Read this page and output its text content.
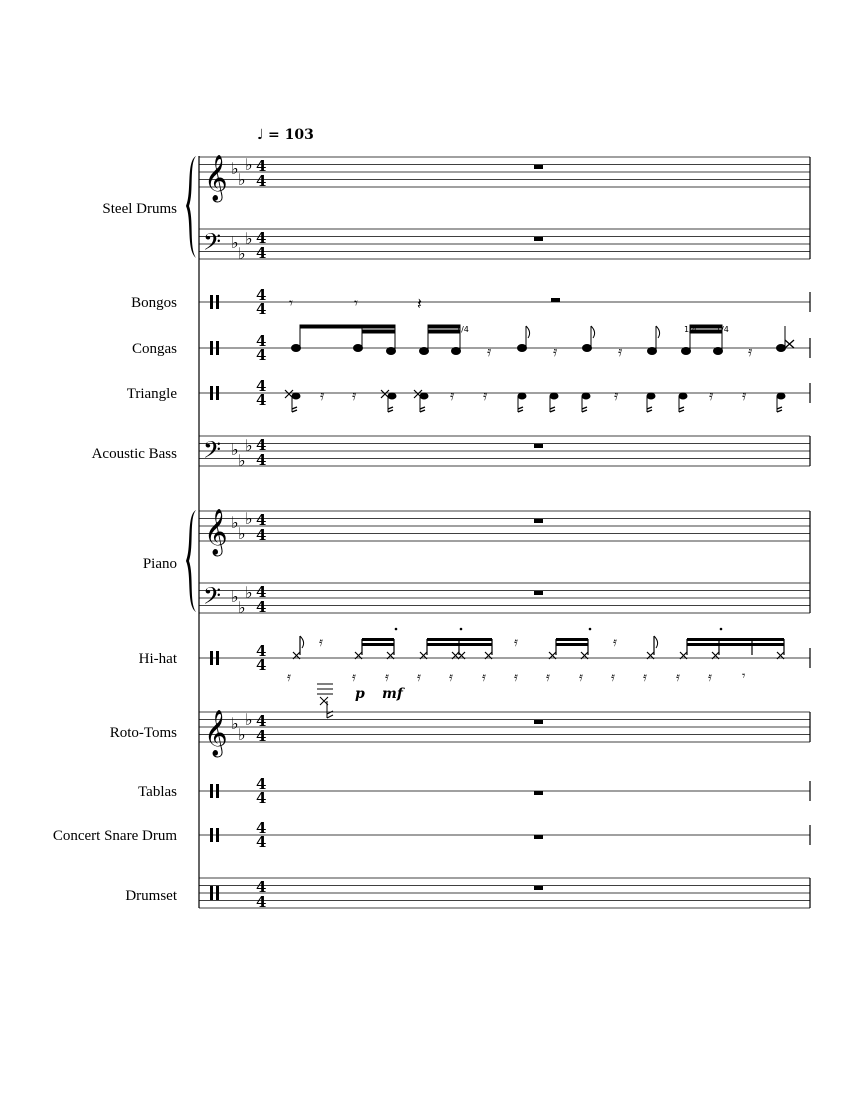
♩ = 103
Steel Drums
𝄞 ♭
♭
♭ 4
4
𝄢 ♭
♭
♭ 4
4
Bongos	4
4 𝄾	𝄾	𝄽
Congas	4
4	𝄿	𝄿	𝄿	𝄿
1/4	1/4 1/4
Triangle	4
4	𝄿 𝄿	𝄿 𝄿	𝄿	𝄿 𝄿
Acoustic Bass 𝄢 ♭
♭
♭ 4
4
Piano
𝄞 ♭
♭
♭ 4
4
𝄢 ♭
♭
♭ 4
4
Hi-hat	4
4
𝄿	𝄿	𝄿
𝄿	𝄿 𝄿 𝄿 𝄿 𝄿 𝄿 𝄿 𝄿 𝄿 𝄿 𝄿 𝄿 𝄾
p mf
Roto-Toms 𝄞 ♭
♭
♭ 4
4
Tablas	4
4
Concert Snare Drum	4
4
Drumset	4
4
